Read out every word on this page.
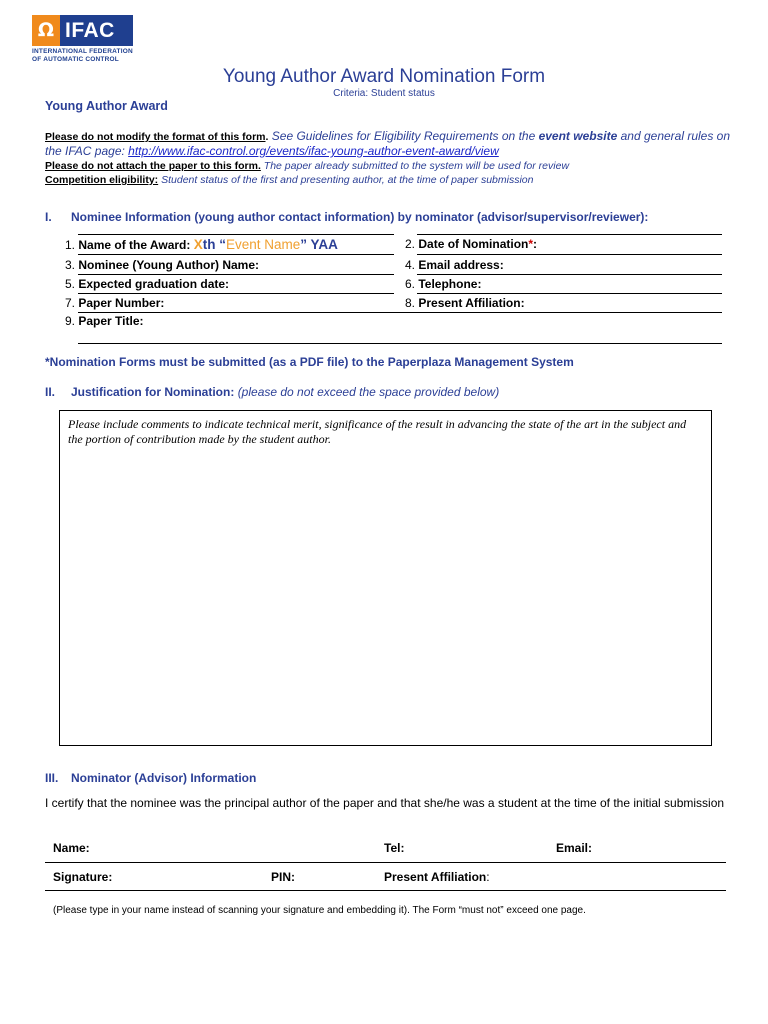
Ω IFAC
INTERNATIONAL FEDERATION
OF AUTOMATIC CONTROL
Young Author Award Nomination Form
Criteria: Student status
Young Author Award
Please do not modify the format of this form. See Guidelines for Eligibility Requirements on the event website and general rules on the IFAC page: http://www.ifac-control.org/events/ifac-young-author-event-award/view
Please do not attach the paper to this form. The paper already submitted to the system will be used for review
Competition eligibility: Student status of the first and presenting author, at the time of paper submission
I. Nominee Information (young author contact information) by nominator (advisor/supervisor/reviewer):
1. Name of the Award: Xth “Event Name” YAA	2. Date of Nomination*:
3. Nominee (Young Author) Name:	4. Email address:
5. Expected graduation date:	6. Telephone:
7. Paper Number:	8. Present Affiliation:
9. Paper Title:
*Nomination Forms must be submitted (as a PDF file) to the Paperplaza Management System
II. Justification for Nomination: (please do not exceed the space provided below)

Please include comments to indicate technical merit, significance of the result in advancing the state of the art in the subject and the portion of contribution made by the student author.

III. Nominator (Advisor) Information
I certify that the nominee was the principal author of the paper and that she/he was a student at the time of the initial submission
Name:	Tel:	Email:
Signature:	PIN:	Present Affiliation:
(Please type in your name instead of scanning your signature and embedding it). The Form “must not” exceed one page.
